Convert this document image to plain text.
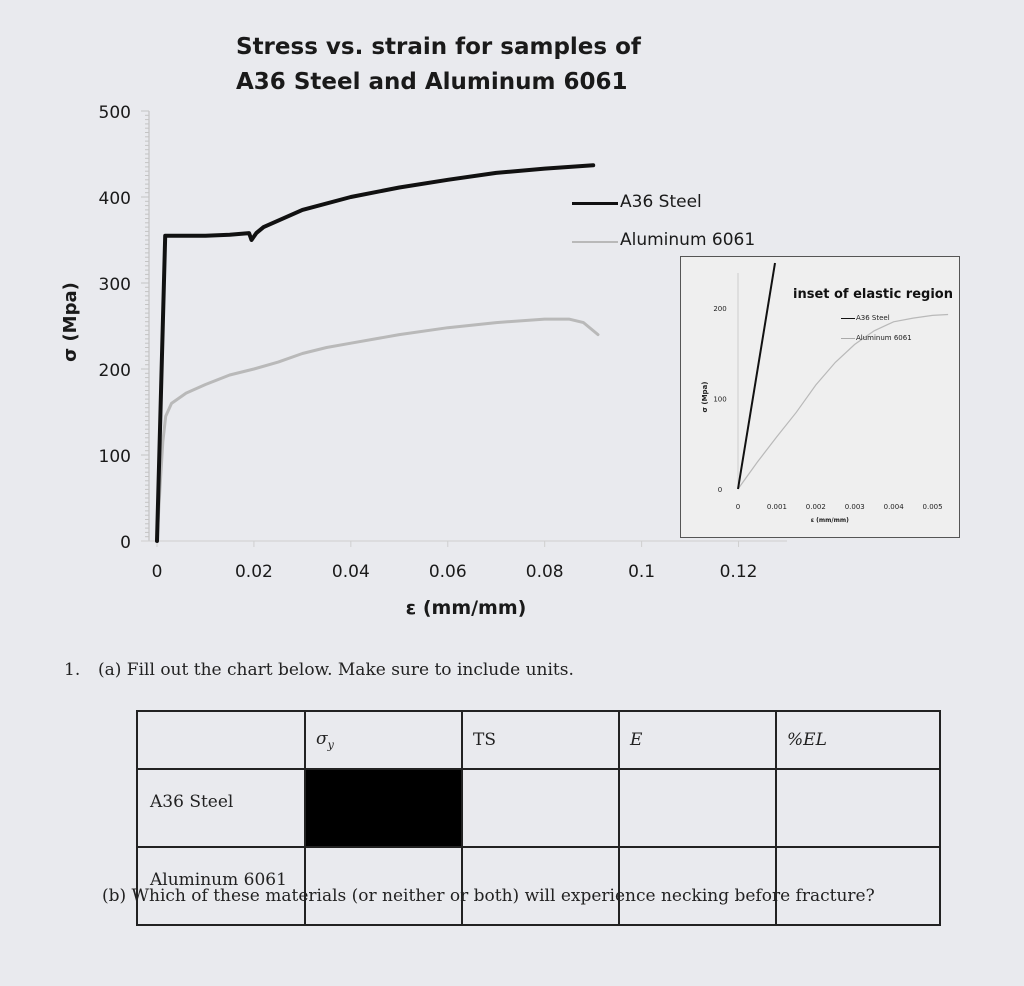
0
100
200
300
400
500
0	0.02	0.04	0.06	0.08	0.1	0.12
ε (mm/mm)
σ (Mpa)
Stress vs. strain for samples of
A36 Steel and Aluminum 6061
A36 Steel
Aluminum 6061
0
100
200
0	0.001	0.002	0.003	0.004	0.005
ε (mm/mm)
σ (Mpa)
inset of elastic region
A36 Steel
Aluminum 6061
1. (a) Fill out the chart below. Make sure to include units.
	$\sigma_y$	TS	E	%EL
A36 Steel				
Aluminum 6061				
(b) Which of these materials (or neither or both) will experience necking before fracture?
